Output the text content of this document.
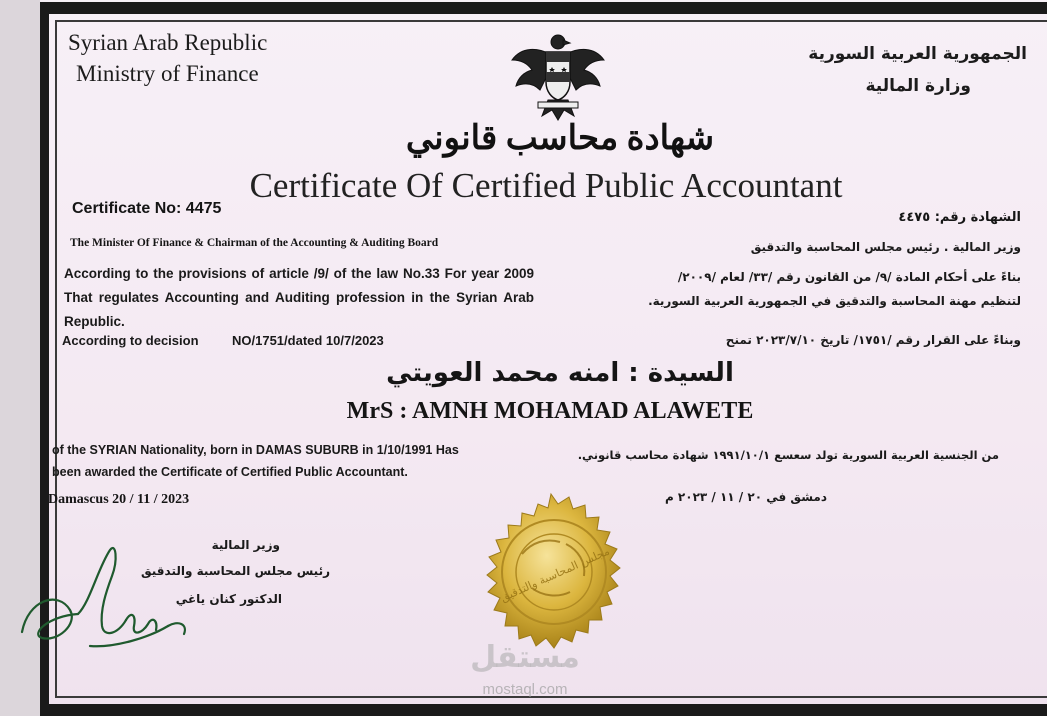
Syrian Arab Republic
Ministry of Finance
الجمهورية العربية السورية
وزارة المالية
شهادة محاسب قانوني
Certificate Of Certified Public Accountant
Certificate No: 4475
الشهادة رقم: ٤٤٧٥
The Minister Of Finance & Chairman of the Accounting & Auditing Board
According to the provisions of article /9/ of the law No.33 For year 2009 That regulates Accounting and Auditing profession in the Syrian Arab Republic.
According to decision	NO/1751/dated 10/7/2023
وزير المالية . رئيس مجلس المحاسبة والتدقيق
بناءً على أحكام المادة /٩/ من القانون رقم /٣٣/ لعام /٢٠٠٩/
لتنظيم مهنة المحاسبة والتدقيق في الجمهورية العربية السورية.
وبناءً على القرار رقم /١٧٥١/ تاريخ ٢٠٢٣/٧/١٠ تمنح
السيدة : امنه محمد العويتي
MrS : AMNH MOHAMAD ALAWETE
of the SYRIAN Nationality, born in DAMAS SUBURB in 1/10/1991 Has
been awarded the Certificate of Certified Public Accountant.
من الجنسية العربية السورية تولد سعسع ١٩٩١/١٠/١ شهادة محاسب قانوني.
Damascus 20 / 11 / 2023	دمشق في ٢٠ / ١١ / ٢٠٢٣ م
وزير المالية
رئيس مجلس المحاسبة والتدقيق
الدكتور كنان ياغي	مجلس المحاسبة والتدقيق
مستقل
mostaql.com
